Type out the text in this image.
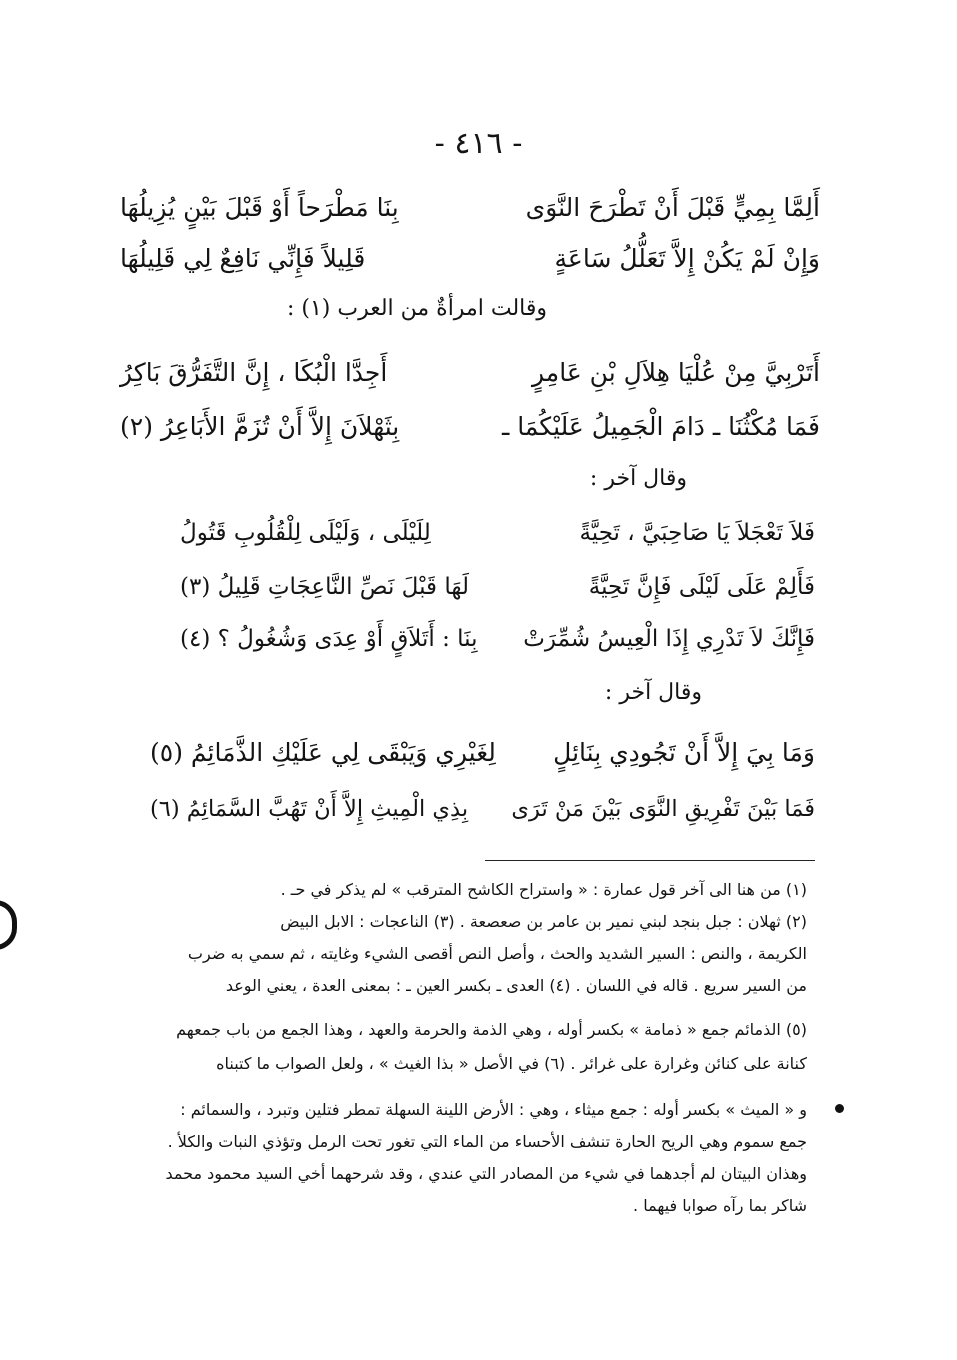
- ٤١٦ -
أَلِمَّا بِمِيٍّ قَبْلَ أَنْ تَطْرَحَ النَّوَى
بِنَا مَطْرَحاً أَوْ قَبْلَ بَيْنٍ يُزِيلُهَا
وَإِنْ لَمْ يَكُنْ إِلاَّ تَعَلُّلُ سَاعَةٍ
قَلِيلاً فَإِنِّي نَافِعٌ لِي قَلِيلُهَا
وقالت امرأةٌ من العرب (١) :
أَتَرْبِيَّ مِنْ عُلْيَا هِلاَلِ بْنِ عَامِرٍ
أَجِدَّا الْبُكَا ، إِنَّ التَّفَرُّقَ بَاكِرُ
فَمَا مُكْثُنَا ـ دَامَ الْجَمِيلُ عَلَيْكُمَا ـ
بِثَهْلاَنَ إِلاَّ أَنْ تُزَمَّ الأَبَاعِرُ (٢)
وقال آخر :
فَلاَ تَعْجَلاَ يَا صَاحِبَيَّ ، تَحِيَّةً
لِلَيْلَى ، وَلَيْلَى لِلْقُلُوبِ قَتُولُ
فَأَلِمْ عَلَى لَيْلَى فَإِنَّ تَحِيَّةً
لَهَا قَبْلَ نَصِّ النَّاعِجَاتِ قَلِيلُ (٣)
فَإِنَّكَ لاَ تَدْرِي إِذَا الْعِيسُ شُمِّرَتْ
بِنَا : أَتَلاَقٍ أَوْ عِدَى وَشُغُولُ ؟ (٤)
وقال آخر :
وَمَا بِيَ إِلاَّ أَنْ تَجُودِي بِنَائِلٍ
لِغَيْرِي وَيَبْقَى لِي عَلَيْكِ الذَّمَائِمُ (٥)
فَمَا بَيْنَ تَفْرِيقِ النَّوَى بَيْنَ مَنْ تَرَى
بِذِي الْمِيثِ إِلاَّ أَنْ تَهُبَّ السَّمَائِمُ (٦)
(١) من هنا الى آخر قول عمارة : « واستراح الكاشح المترقب » لم يذكر في حـ .
(٢) ثهلان : جبل بنجد لبني نمير بن عامر بن صعصعة . (٣) الناعجات : الابل البيض
الكريمة ، والنص : السير الشديد والحث ، وأصل النص أقصى الشيء وغايته ، ثم سمي به ضرب
من السير سريع . قاله في اللسان . (٤) العدى ـ بكسر العين ـ : بمعنى العدة ، يعني الوعد
(٥) الذمائم جمع « ذمامة » بكسر أوله ، وهي الذمة والحرمة والعهد ، وهذا الجمع من باب جمعهم
كنانة على كنائن وغرارة على غرائر . (٦) في الأصل « بذا الغيث » ، ولعل الصواب ما كتبناه
و « الميث » بكسر أوله : جمع ميثاء ، وهي : الأرض اللينة السهلة تمطر فتلين وتبرد ، والسمائم :
جمع سموم وهي الريح الحارة تنشف الأحساء من الماء التي تغور تحت الرمل وتؤذي النبات والكلأ .
وهذان البيتان لم أجدهما في شيء من المصادر التي عندي ، وقد شرحهما أخي السيد محمود محمد
شاكر بما رآه صوابا فيهما .
